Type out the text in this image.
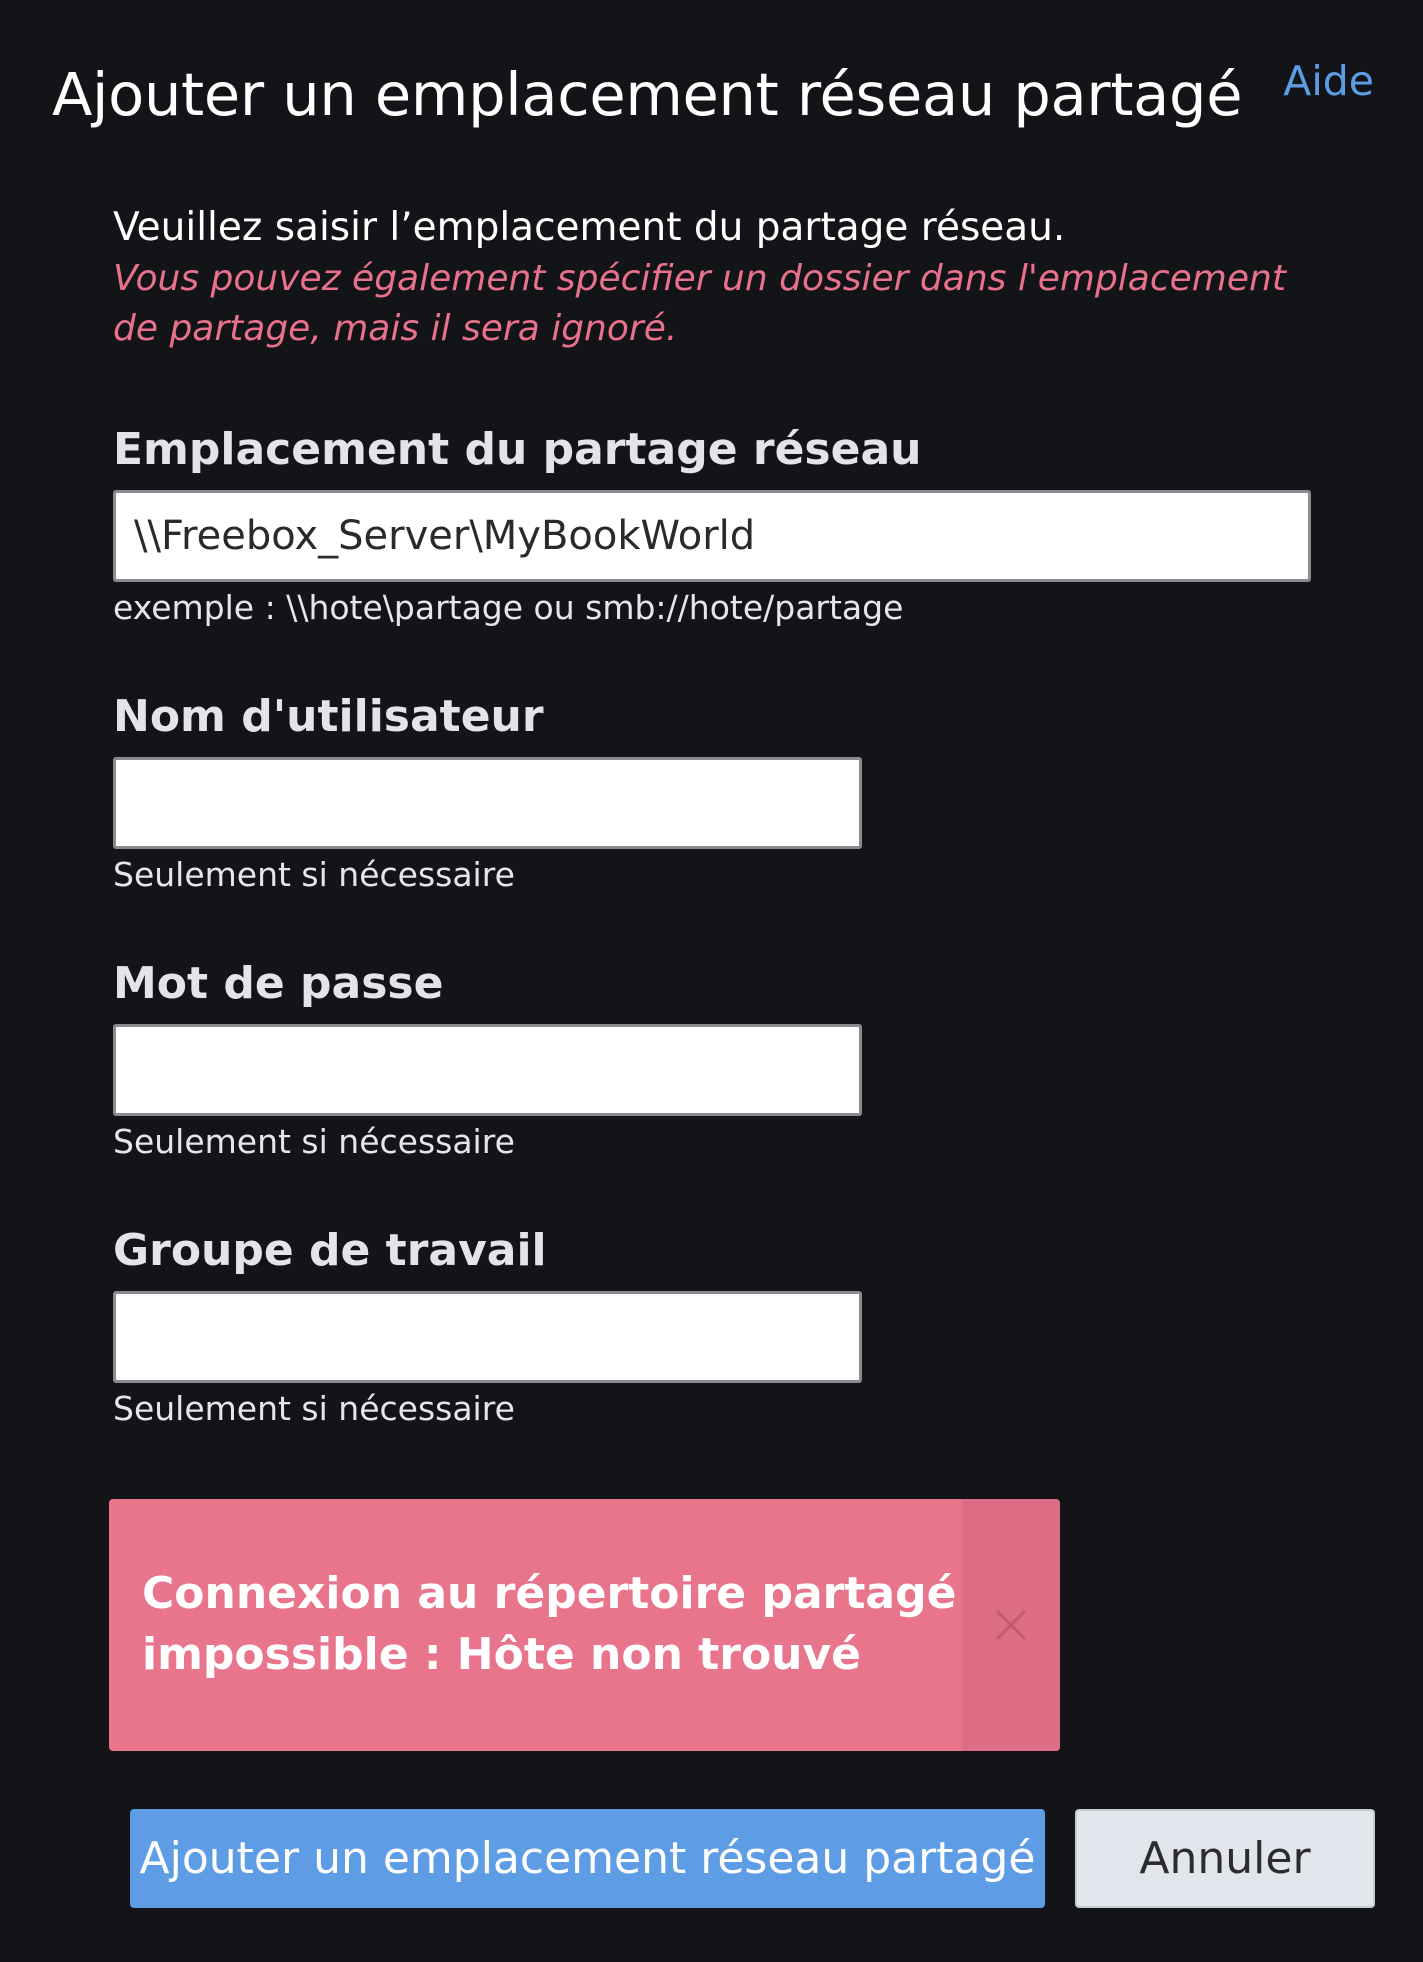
Ajouter un emplacement réseau partagé Aide
Veuillez saisir l’emplacement du partage réseau.
Vous pouvez également spécifier un dossier dans l'emplacement de partage, mais il sera ignoré.
Emplacement du partage réseau
\\Freebox_Server\MyBookWorld
exemple : \\hote\partage ou smb://hote/partage
Nom d'utilisateur
Seulement si nécessaire
Mot de passe
Seulement si nécessaire
Groupe de travail
Seulement si nécessaire
Connexion au répertoire partagé impossible : Hôte non trouvé
Ajouter un emplacement réseau partagé	Annuler
